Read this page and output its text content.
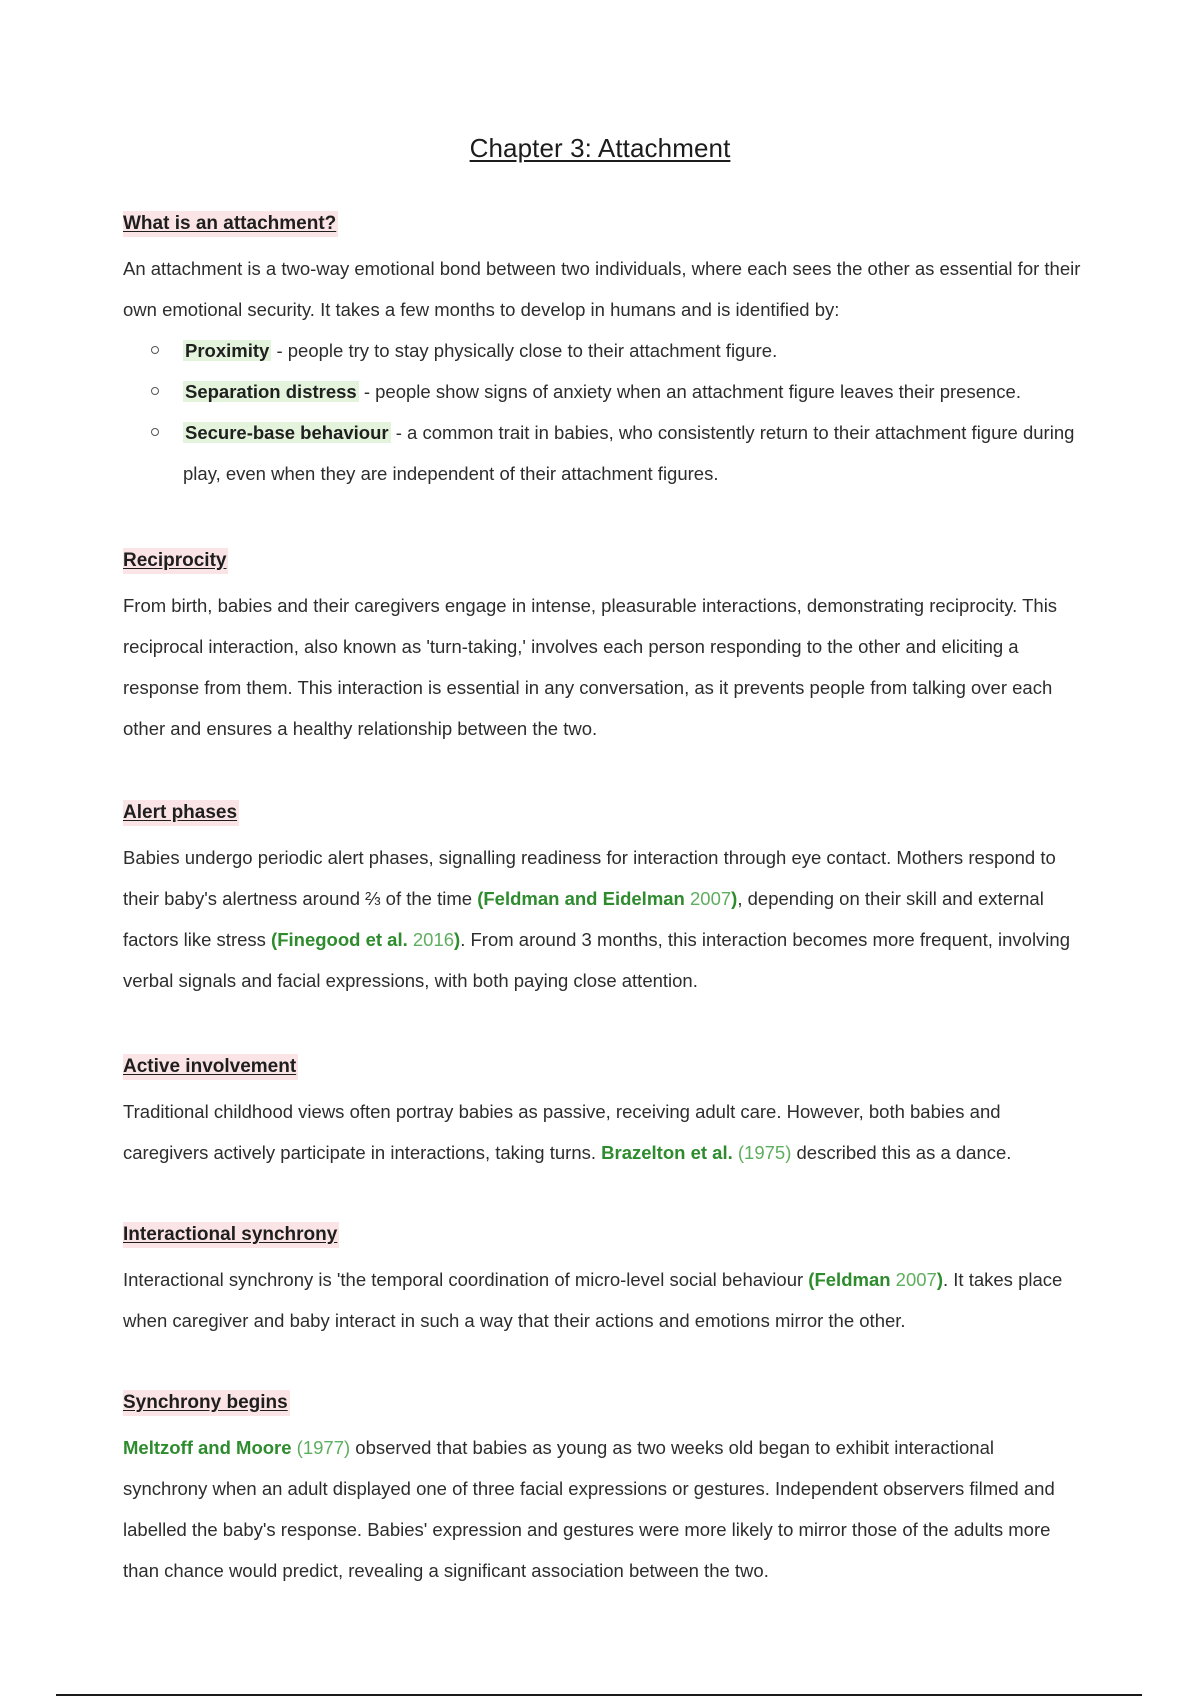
Chapter 3: Attachment
What is an attachment?

An attachment is a two-way emotional bond between two individuals, where each sees the other as essential for their own emotional security. It takes a few months to develop in humans and is identified by:

Proximity - people try to stay physically close to their attachment figure.
Separation distress - people show signs of anxiety when an attachment figure leaves their presence.
Secure-base behaviour - a common trait in babies, who consistently return to their attachment figure during play, even when they are independent of their attachment figures.
Reciprocity

From birth, babies and their caregivers engage in intense, pleasurable interactions, demonstrating reciprocity. This reciprocal interaction, also known as 'turn-taking,' involves each person responding to the other and eliciting a response from them. This interaction is essential in any conversation, as it prevents people from talking over each other and ensures a healthy relationship between the two.

Alert phases

Babies undergo periodic alert phases, signalling readiness for interaction through eye contact. Mothers respond to their baby's alertness around ⅔ of the time (Feldman and Eidelman 2007), depending on their skill and external factors like stress (Finegood et al. 2016). From around 3 months, this interaction becomes more frequent, involving verbal signals and facial expressions, with both paying close attention.

Active involvement

Traditional childhood views often portray babies as passive, receiving adult care. However, both babies and caregivers actively participate in interactions, taking turns. Brazelton et al. (1975) described this as a dance.

Interactional synchrony

Interactional synchrony is 'the temporal coordination of micro-level social behaviour (Feldman 2007). It takes place when caregiver and baby interact in such a way that their actions and emotions mirror the other.

Synchrony begins

Meltzoff and Moore (1977) observed that babies as young as two weeks old began to exhibit interactional synchrony when an adult displayed one of three facial expressions or gestures. Independent observers filmed and labelled the baby's response. Babies' expression and gestures were more likely to mirror those of the adults more than chance would predict, revealing a significant association between the two.
